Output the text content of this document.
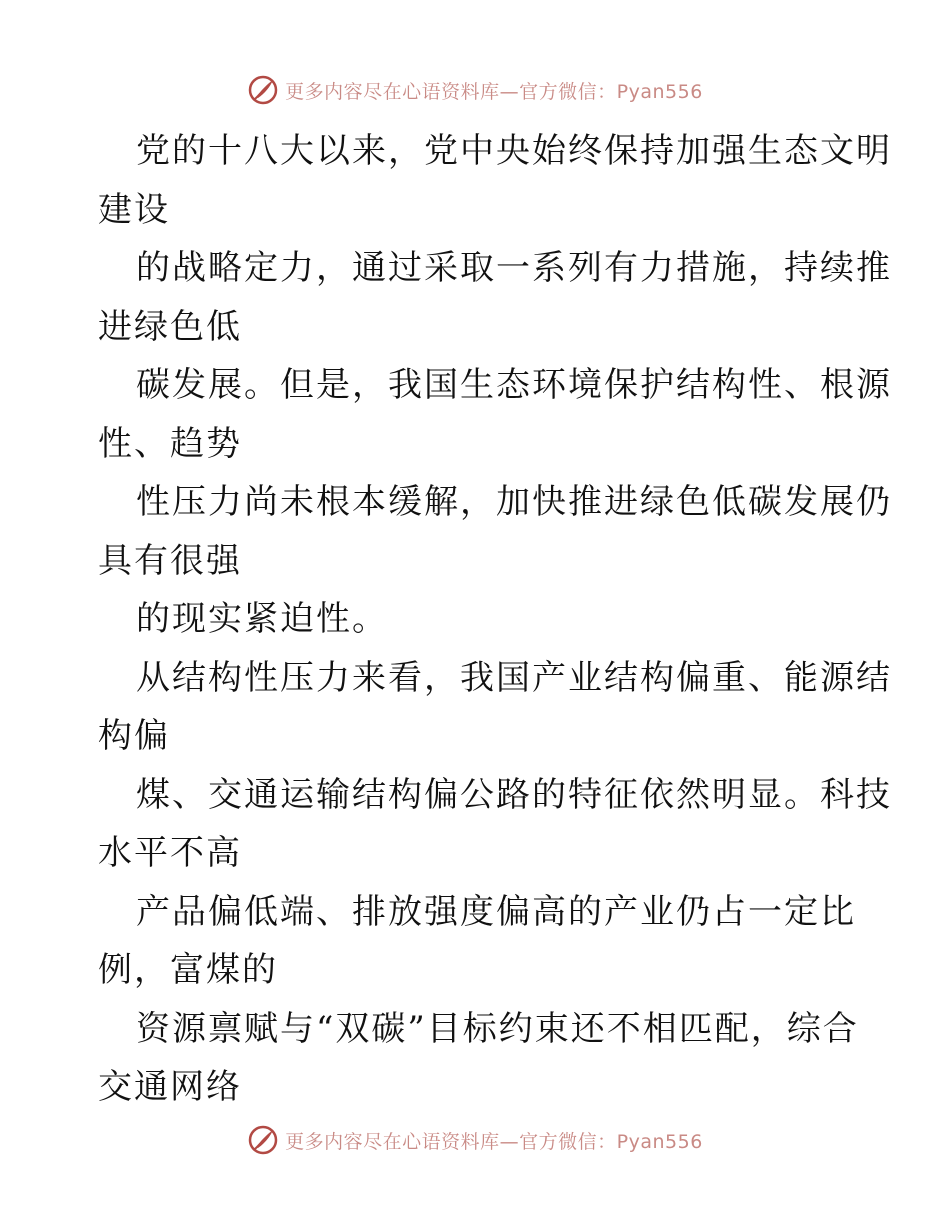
更多内容尽在心语资料库—官方微信：Pyan556
党的十八大以来，党中央始终保持加强生态文明
建设
的战略定力，通过采取一系列有力措施，持续推
进绿色低
碳发展。但是，我国生态环境保护结构性、根源
性、趋势
性压力尚未根本缓解，加快推进绿色低碳发展仍
具有很强
的现实紧迫性。
从结构性压力来看，我国产业结构偏重、能源结
构偏
煤、交通运输结构偏公路的特征依然明显。科技
水平不高
产品偏低端、排放强度偏高的产业仍占一定比
例，富煤的
资源禀赋与“双碳”目标约束还不相匹配，综合
交通网络
更多内容尽在心语资料库—官方微信：Pyan556
